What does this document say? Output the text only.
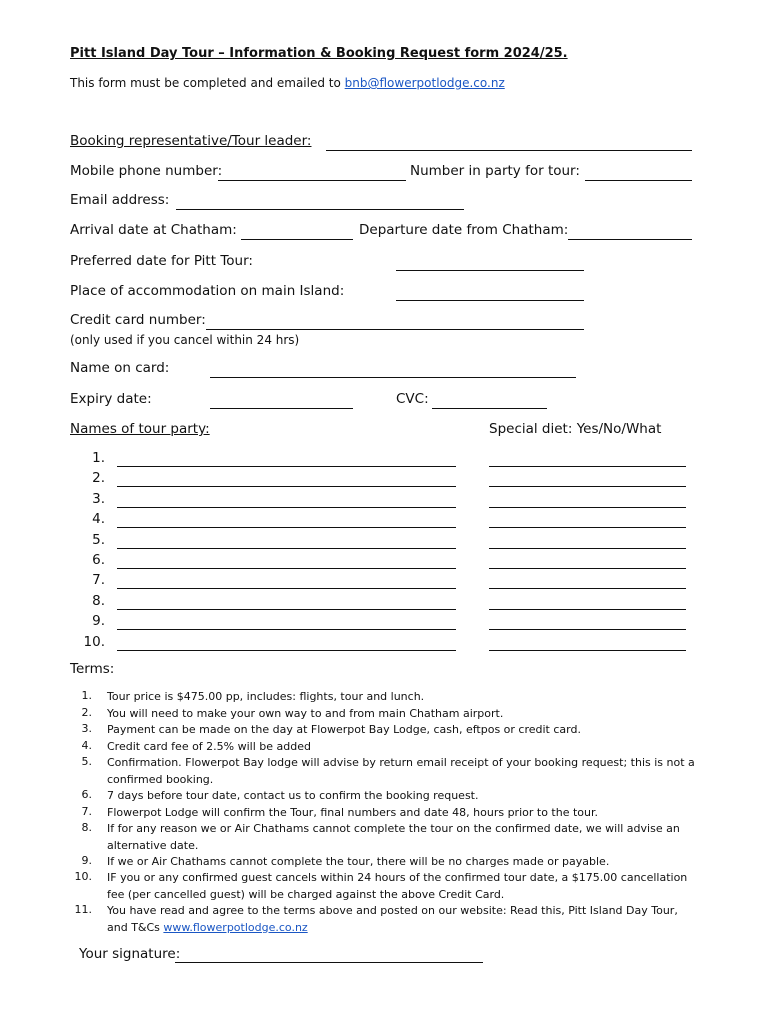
Pitt Island Day Tour – Information & Booking Request form 2024/25.
This form must be completed and emailed to bnb@flowerpotlodge.co.nz
Booking representative/Tour leader:
Mobile phone number:	Number in party for tour:
Email address:
Arrival date at Chatham:	Departure date from Chatham:
Preferred date for Pitt Tour:
Place of accommodation on main Island:
Credit card number:
(only used if you cancel within 24 hrs)
Name on card:
Expiry date:	CVC:
Names of tour party:	Special diet: Yes/No/What
1.
2.
3.
4.
5.
6.
7.
8.
9.
10.
Terms:
1. Tour price is $475.00 pp, includes: flights, tour and lunch.
2. You will need to make your own way to and from main Chatham airport.
3. Payment can be made on the day at Flowerpot Bay Lodge, cash, eftpos or credit card.
4. Credit card fee of 2.5% will be added
5. Confirmation. Flowerpot Bay lodge will advise by return email receipt of your booking request; this is not a confirmed booking.
6. 7 days before tour date, contact us to confirm the booking request.
7. Flowerpot Lodge will confirm the Tour, final numbers and date 48, hours prior to the tour.
8. If for any reason we or Air Chathams cannot complete the tour on the confirmed date, we will advise an alternative date.
9. If we or Air Chathams cannot complete the tour, there will be no charges made or payable.
10. IF you or any confirmed guest cancels within 24 hours of the confirmed tour date, a $175.00 cancellation fee (per cancelled guest) will be charged against the above Credit Card.
11. You have read and agree to the terms above and posted on our website: Read this, Pitt Island Day Tour, and T&Cs www.flowerpotlodge.co.nz
Your signature:
